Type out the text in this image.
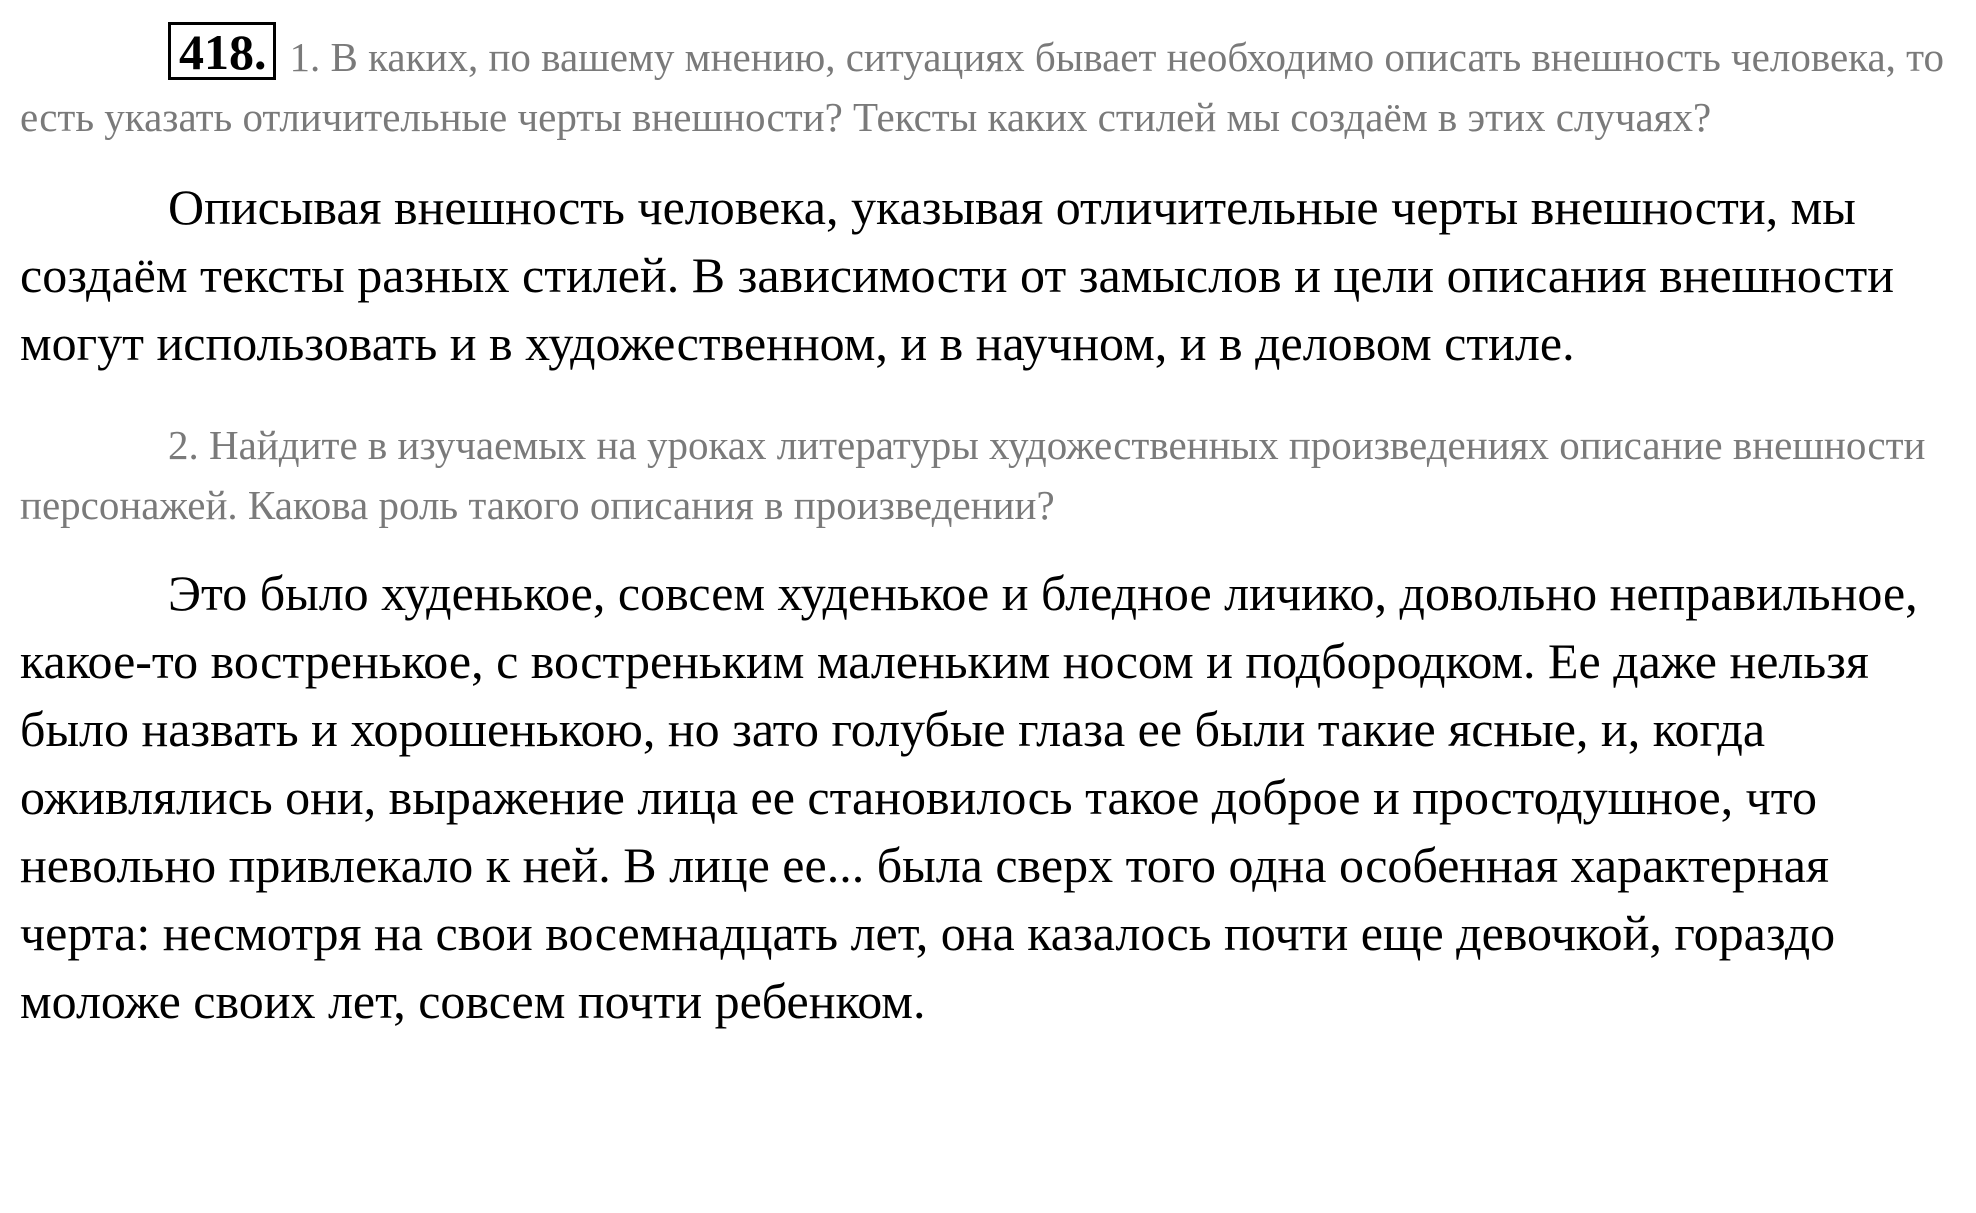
418. 1. В каких, по вашему мнению, ситуациях бывает необходимо описать внешность человека, то есть указать отличительные черты внешности? Тексты каких стилей мы создаём в этих случаях?

Описывая внешность человека, указывая отличительные черты внешности, мы создаём тексты разных стилей. В зависимости от замыслов и цели описания внешности могут использовать и в художественном, и в научном, и в деловом стиле.

2. Найдите в изучаемых на уроках литературы художественных произведениях описание внешности персонажей. Какова роль такого описания в произведении?

Это было худенькое, совсем худенькое и бледное личико, довольно неправильное, какое-то востренькое, с востреньким маленьким носом и подбородком. Ее даже нельзя было назвать и хорошенькою, но зато голубые глаза ее были такие ясные, и, когда оживлялись они, выражение лица ее становилось такое доброе и простодушное, что невольно привлекало к ней. В лице ее... была сверх того одна особенная характерная черта: несмотря на свои восемнадцать лет, она казалось почти еще девочкой, гораздо моложе своих лет, совсем почти ребенком.
